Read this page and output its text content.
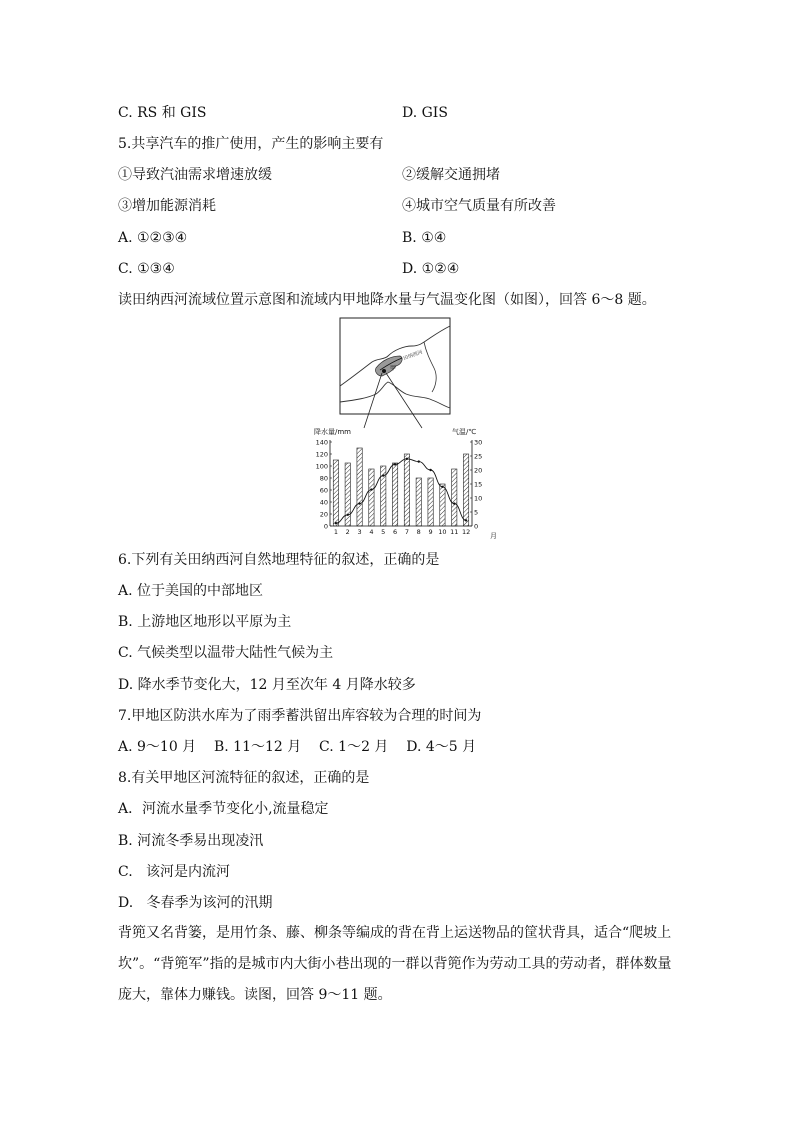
C. RS 和 GIS	D. GIS
5.共享汽车的推广使用，产生的影响主要有
①导致汽油需求增速放缓	②缓解交通拥堵
③增加能源消耗	④城市空气质量有所改善
A. ①②③④	B. ①④
C. ①③④	D. ①②④
读田纳西河流域位置示意图和流域内甲地降水量与气温变化图（如图），回答 6～8 题。
甲
田纳西河
降水量/mm	气温/℃
月
0
20
40
60
80
100
120
140
0
5
10
15
20
25
30
1 2 3 4 5 6 7 8 9 10 11 12
6.下列有关田纳西河自然地理特征的叙述，正确的是
A. 位于美国的中部地区
B. 上游地区地形以平原为主
C. 气候类型以温带大陆性气候为主
D. 降水季节变化大，12 月至次年 4 月降水较多
7.甲地区防洪水库为了雨季蓄洪留出库容较为合理的时间为
A. 9～10 月    B. 11～12 月    C. 1～2 月    D. 4～5 月
8.有关甲地区河流特征的叙述，正确的是
A．河流水量季节变化小,流量稳定
B. 河流冬季易出现凌汛
C.   该河是内流河
D.   冬春季为该河的汛期
背篼又名背篓，是用竹条、藤、柳条等编成的背在背上运送物品的筐状背具，适合“爬坡上坎”。“背篼军”指的是城市内大街小巷出现的一群以背篼作为劳动工具的劳动者，群体数量庞大，靠体力赚钱。读图，回答 9～11 题。
